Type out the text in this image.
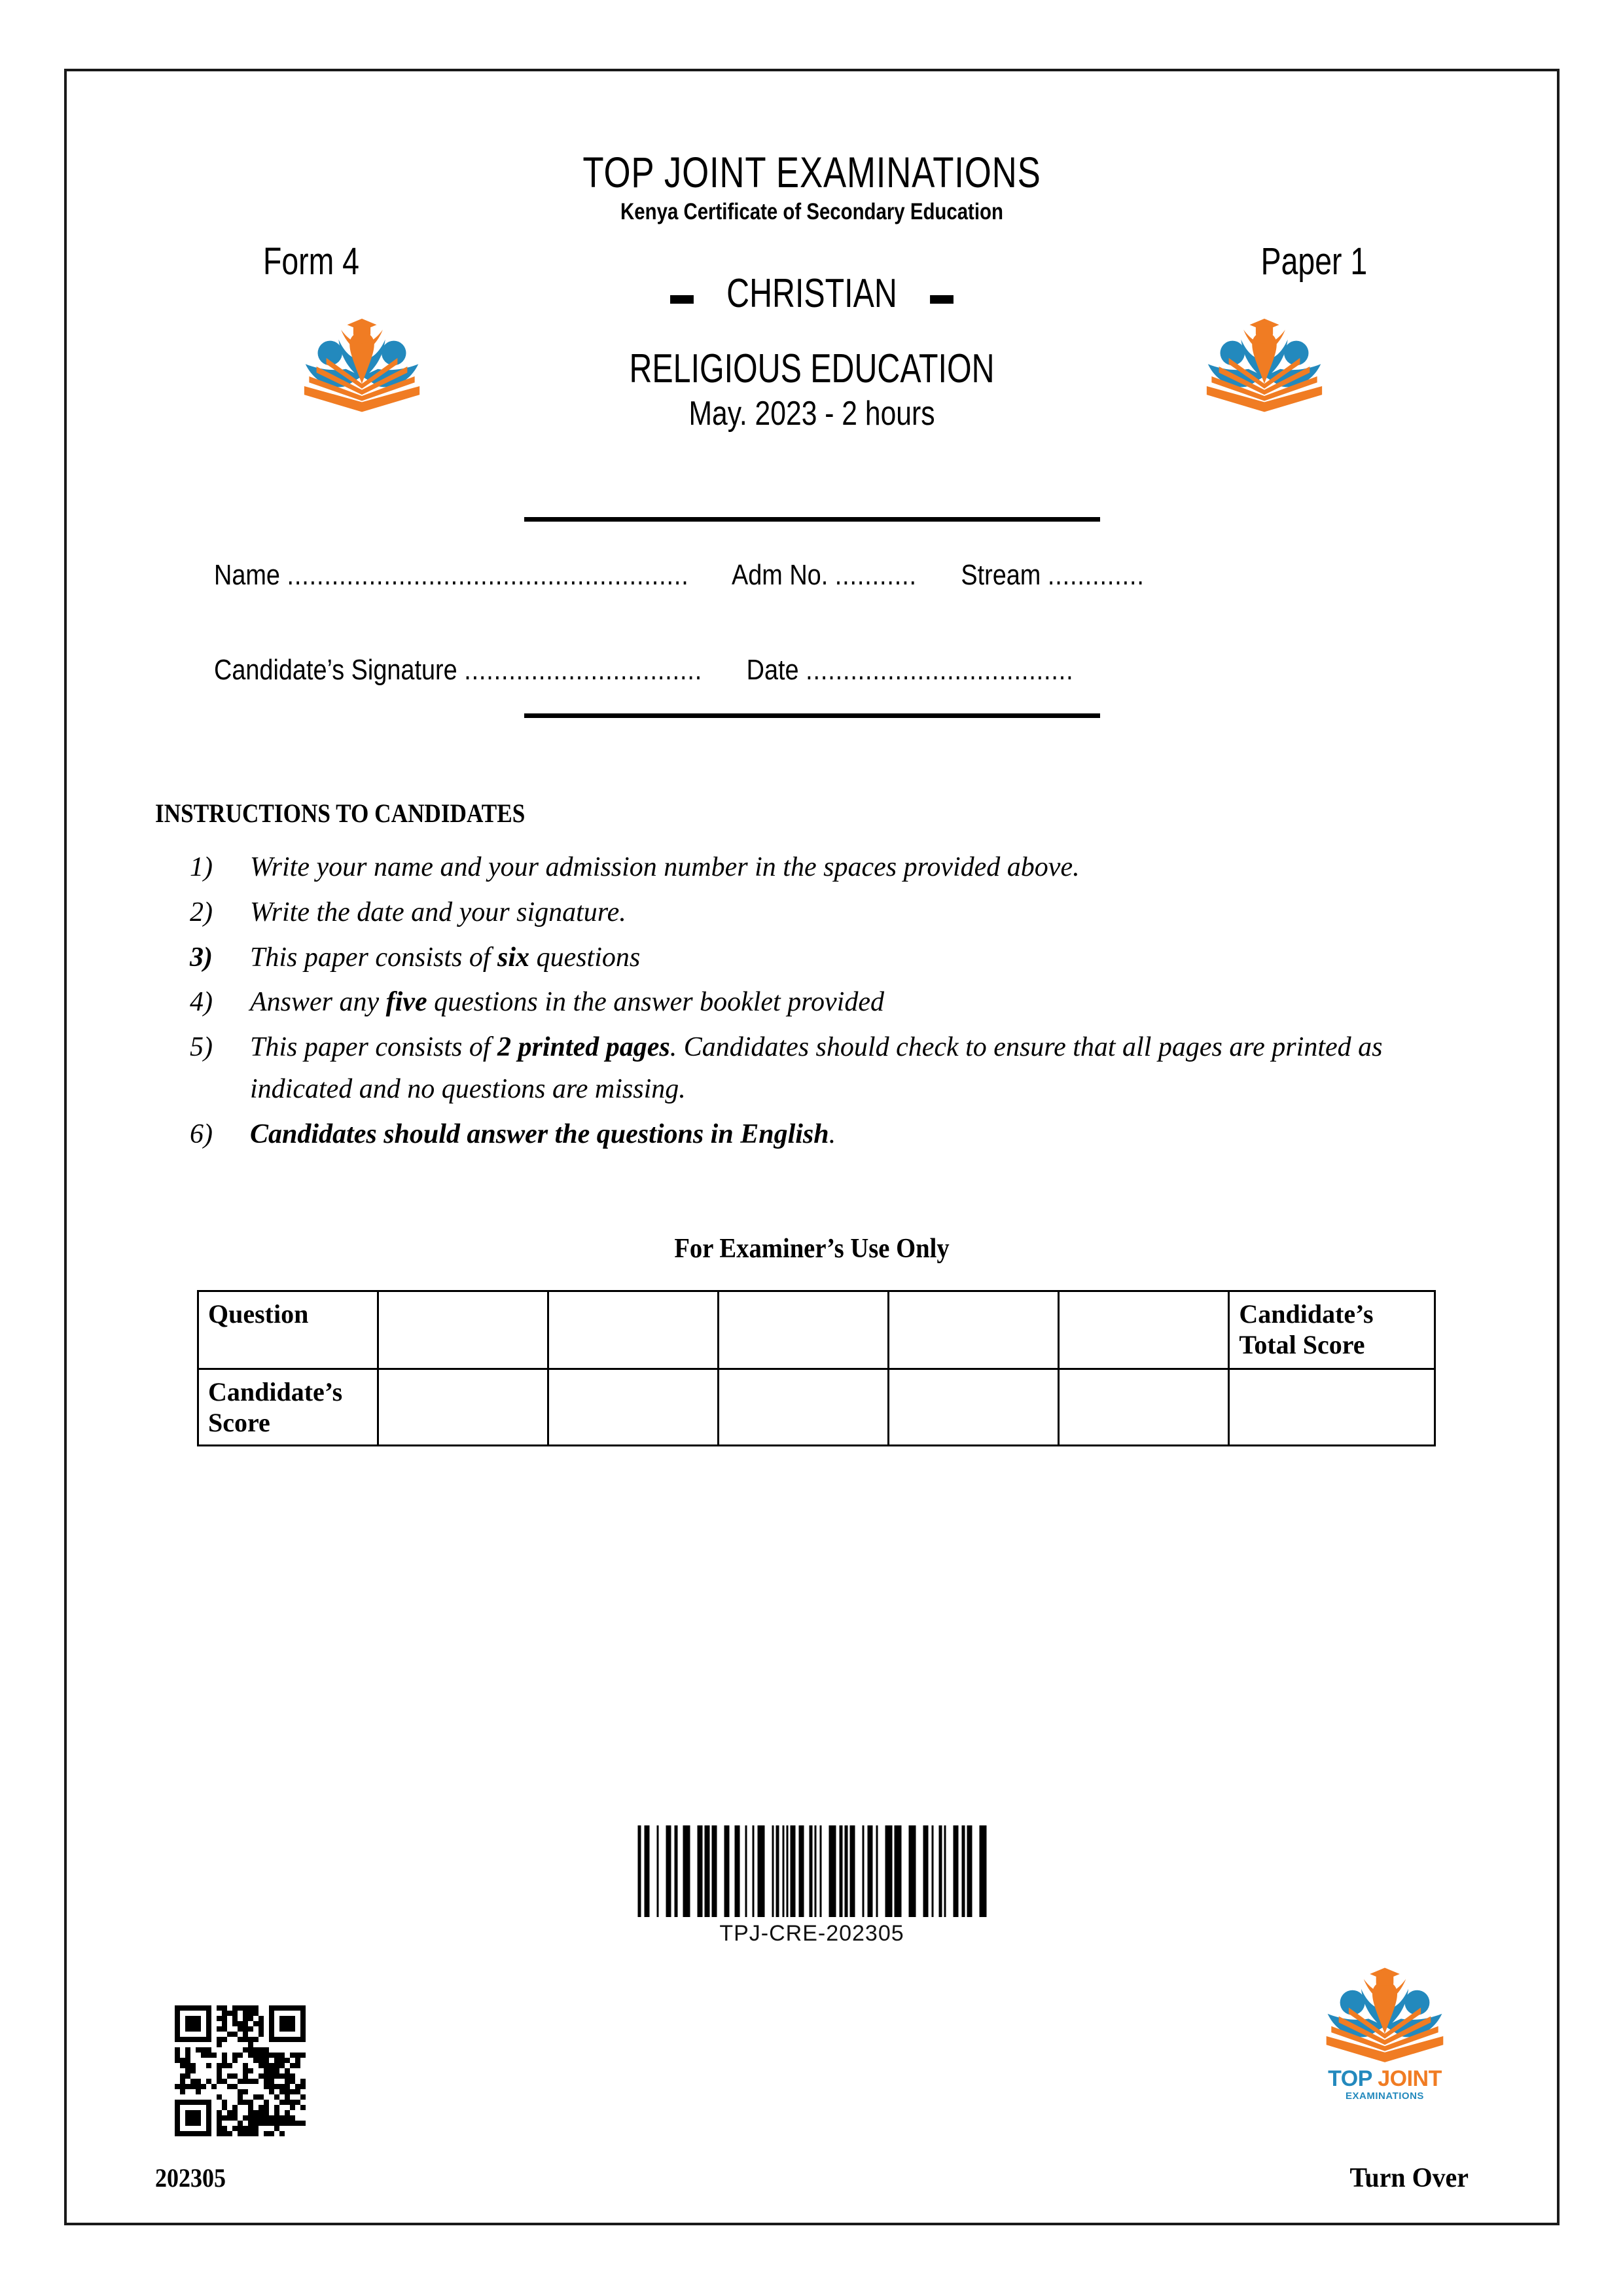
TOP JOINT EXAMINATIONS
Kenya Certificate of Secondary Education
Form 4	Paper 1
CHRISTIAN
RELIGIOUS EDUCATION
May. 2023 - 2 hours
Name ...................................................... Adm No. ........... Stream .............
Candidate’s Signature ................................ Date ....................................
INSTRUCTIONS TO CANDIDATES
1) Write your name and your admission number in the spaces provided above.
2) Write the date and your signature.
3) This paper consists of six questions
4) Answer any five questions in the answer booklet provided
5) This paper consists of 2 printed pages. Candidates should check to ensure that all pages are printed as indicated and no questions are missing.
6) Candidates should answer the questions in English.
For Examiner’s Use Only
Question						Candidate’s Total Score
Candidate’s Score						
TPJ-CRE-202305
TOP JOINT
EXAMINATIONS
202305	Turn Over
